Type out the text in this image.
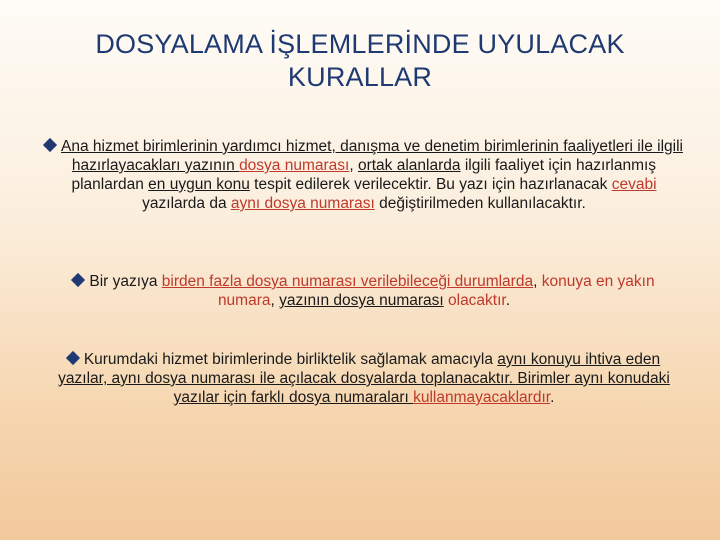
DOSYALAMA İŞLEMLERİNDE UYULACAK
KURALLAR
Ana hizmet birimlerinin yardımcı hizmet, danışma ve denetim birimlerinin faaliyetleri ile ilgili hazırlayacakları yazının dosya numarası, ortak alanlarda ilgili faaliyet için hazırlanmış planlardan en uygun konu tespit edilerek verilecektir. Bu yazı için hazırlanacak cevabi yazılarda da aynı dosya numarası değiştirilmeden kullanılacaktır.
Bir yazıya birden fazla dosya numarası verilebileceği durumlarda, konuya en yakın numara, yazının dosya numarası olacaktır.
Kurumdaki hizmet birimlerinde birliktelik sağlamak amacıyla aynı konuyu ihtiva eden yazılar, aynı dosya numarası ile açılacak dosyalarda toplanacaktır. Birimler aynı konudaki yazılar için farklı dosya numaraları kullanmayacaklardır.
